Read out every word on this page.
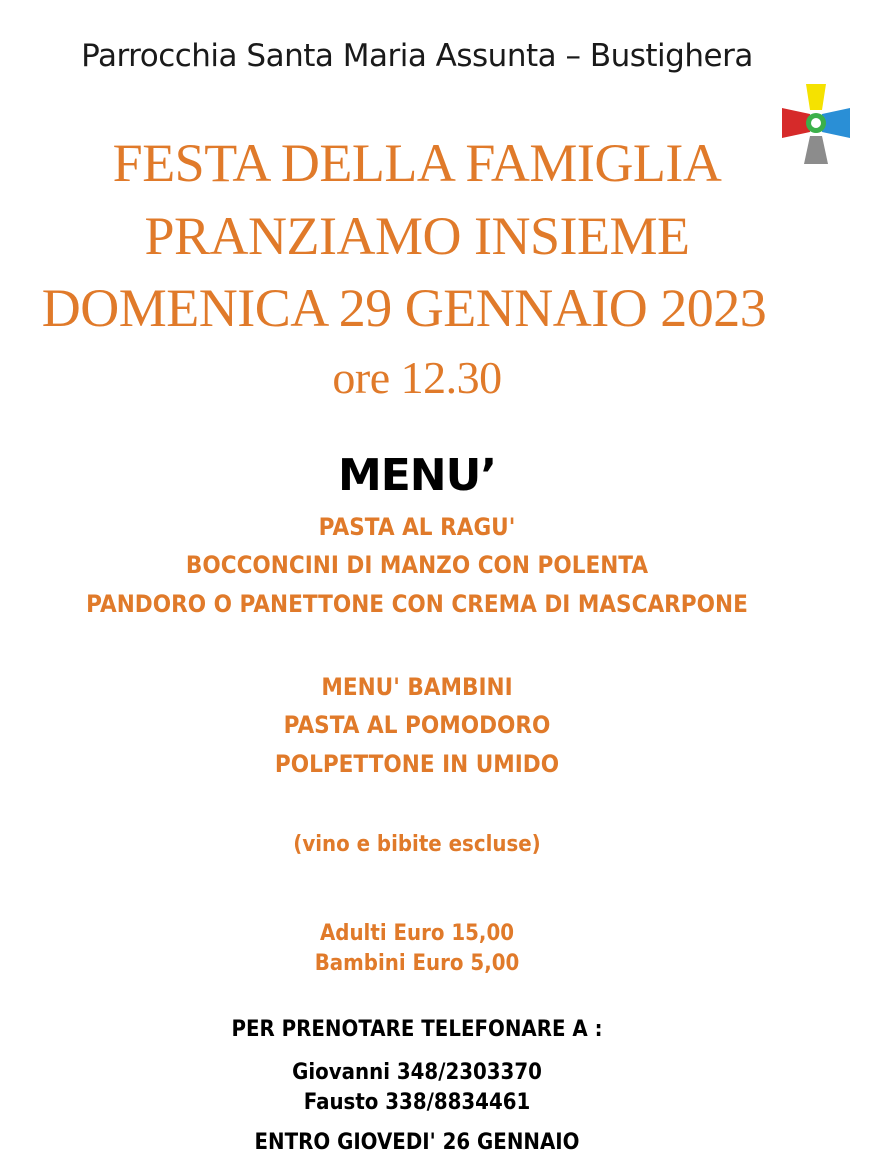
Parrocchia Santa Maria Assunta – Bustighera
FESTA DELLA FAMIGLIA
PRANZIAMO INSIEME
DOMENICA 29 GENNAIO 2023
ore 12.30
MENU’
PASTA AL RAGU'
BOCCONCINI DI MANZO CON POLENTA
PANDORO O PANETTONE CON CREMA DI MASCARPONE
MENU' BAMBINI
PASTA AL POMODORO
POLPETTONE IN UMIDO
(vino e bibite escluse)
Adulti Euro 15,00
Bambini Euro 5,00
PER PRENOTARE TELEFONARE A :
Giovanni 348/2303370
Fausto 338/8834461
ENTRO GIOVEDI' 26 GENNAIO
